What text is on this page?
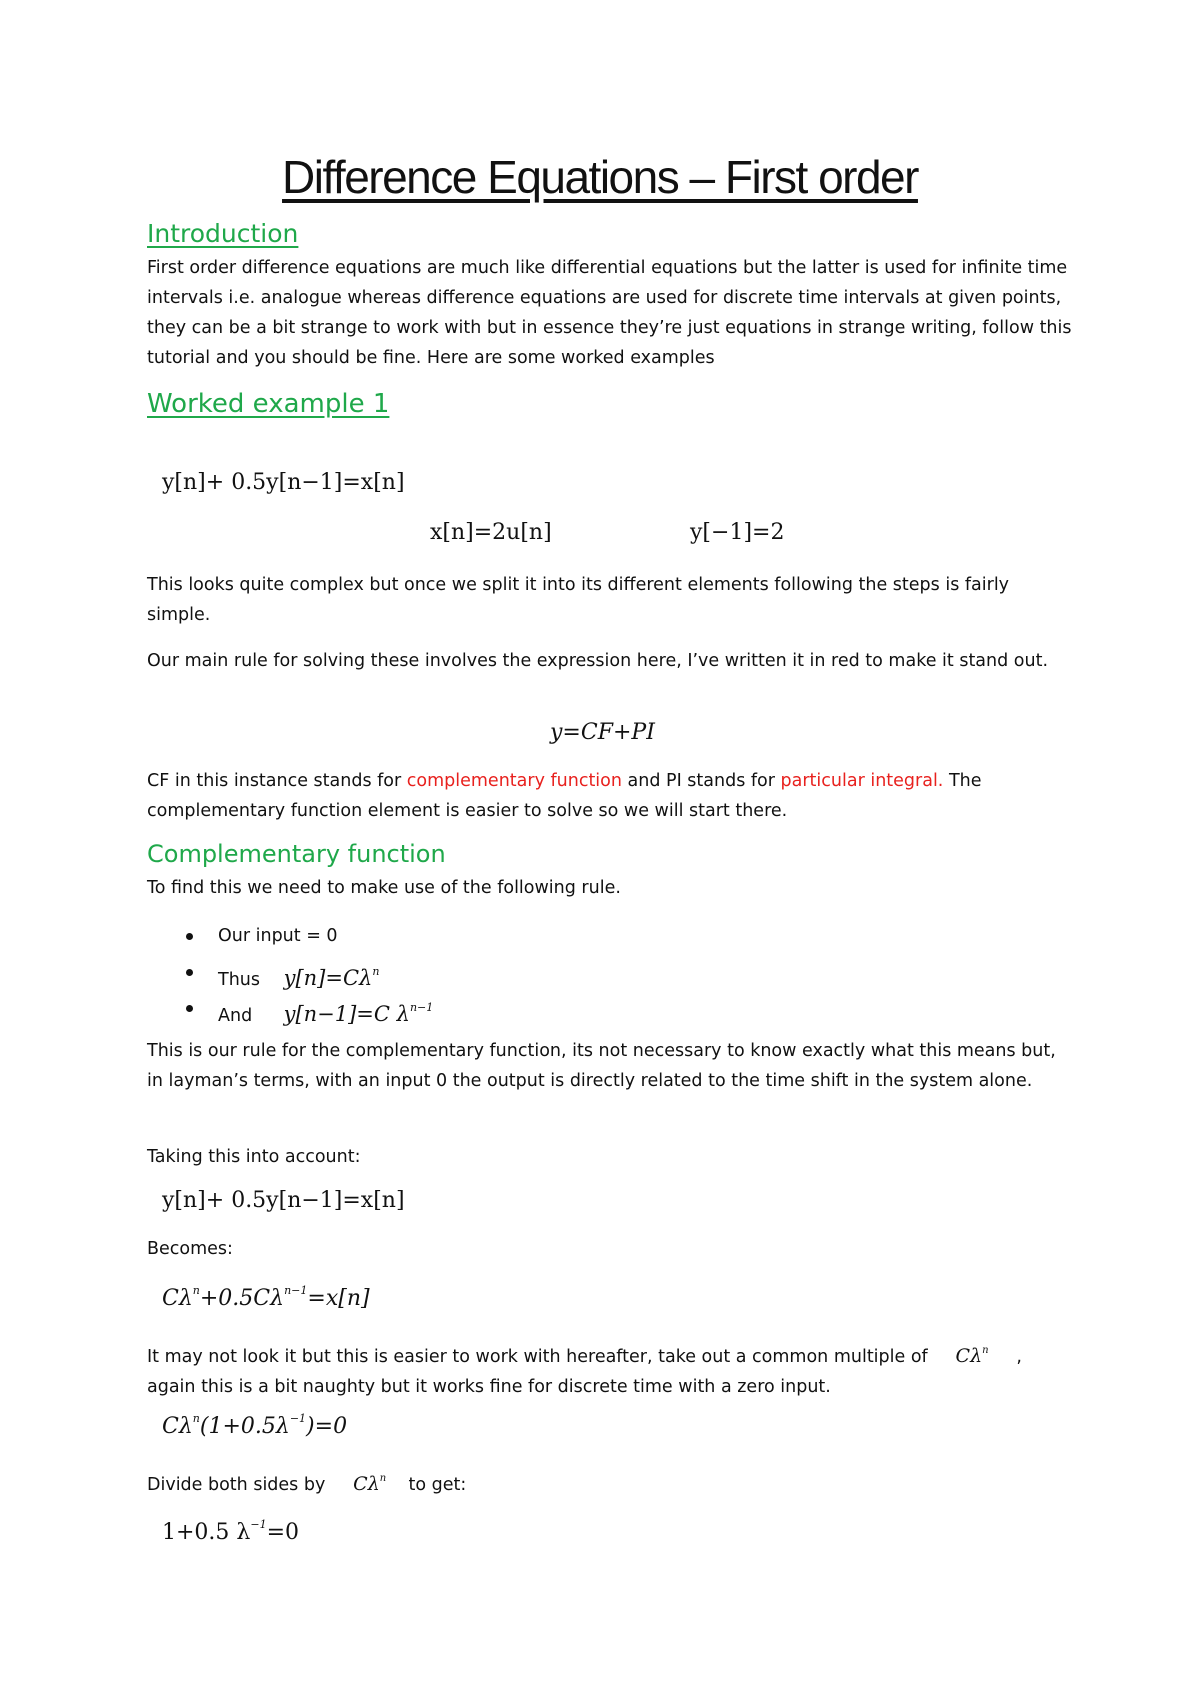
Difference Equations – First order
Introduction

First order difference equations are much like differential equations but the latter is used for infinite time intervals i.e. analogue whereas difference equations are used for discrete time intervals at given points, they can be a bit strange to work with but in essence they’re just equations in strange writing, follow this tutorial and you should be fine. Here are some worked examples

Worked example 1
y[n]+ 0.5y[n−1]=x[n]
x[n]=2u[n]	y[−1]=2

This looks quite complex but once we split it into its different elements following the steps is fairly simple.

Our main rule for solving these involves the expression here, I’ve written it in red to make it stand out.

y=CF+PI

CF in this instance stands for complementary function and PI stands for particular integral. The complementary function element is easier to solve so we will start there.

Complementary function

To find this we need to make use of the following rule.

Our input = 0
Thus $y[n]=C\lambda^n$
And y[n−1]=C $\lambda^{n-1}$

This is our rule for the complementary function, its not necessary to know exactly what this means but, in layman’s terms, with an input 0 the output is directly related to the time shift in the system alone.

Taking this into account:

y[n]+ 0.5y[n−1]=x[n]

Becomes:

$C\lambda^n+0.5C\lambda^{n-1}=x[n]$

It may not look it but this is easier to work with hereafter, take out a common multiple of $C\lambda^n$ ,
again this is a bit naughty but it works fine for discrete time with a zero input.

$C\lambda^n(1+0.5\lambda^{-1})=0$

Divide both sides by $C\lambda^n$ to get:

1+0.5 $\lambda^{-1}=0$
